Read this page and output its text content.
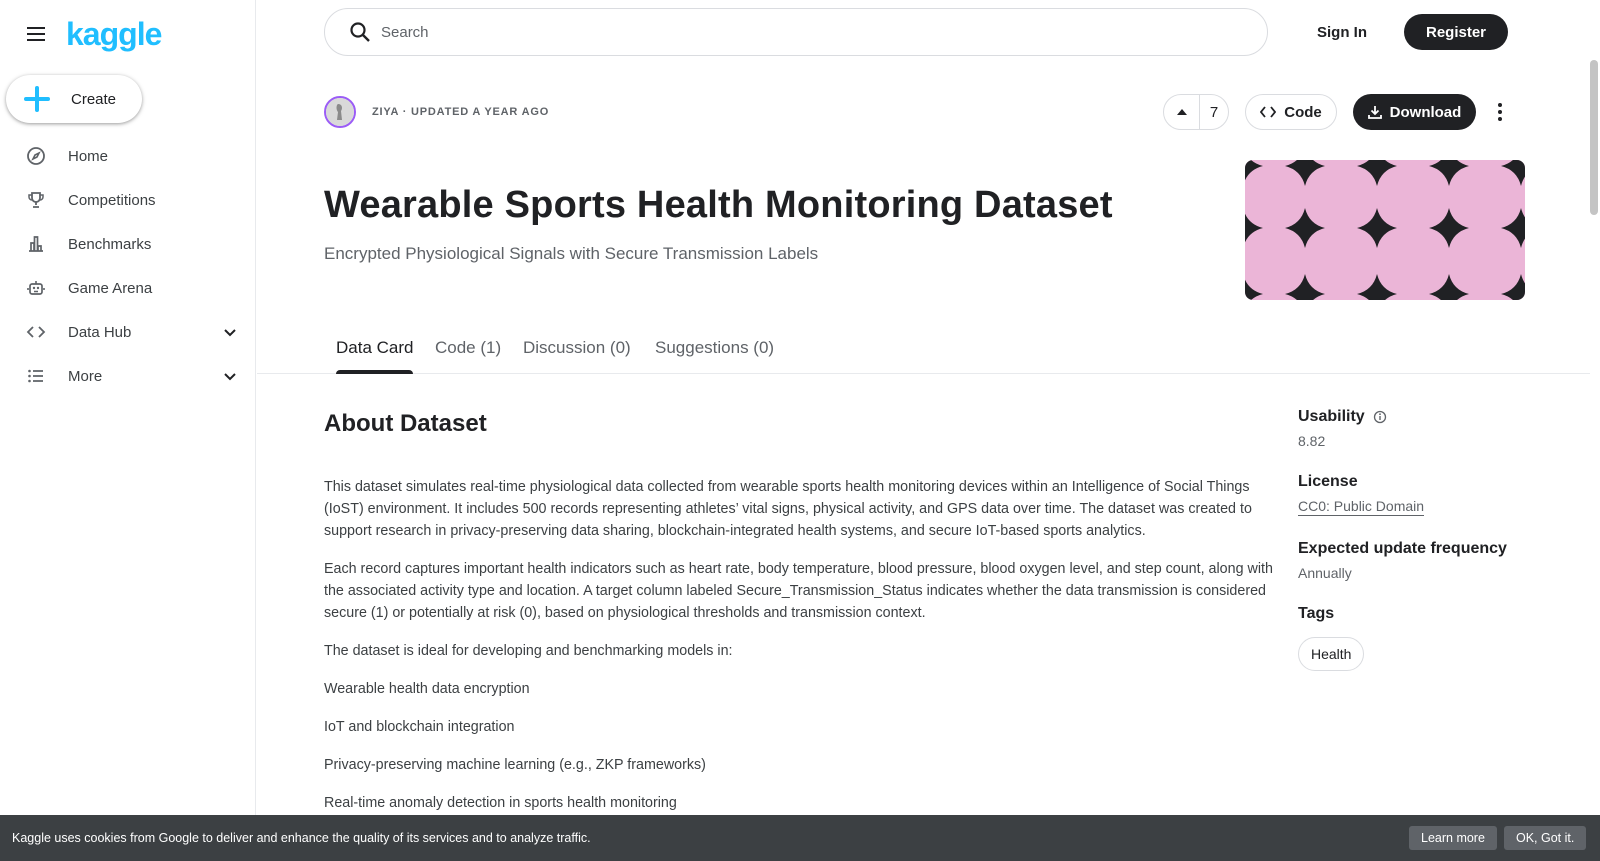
kaggle
Create
Home
Competitions
Benchmarks
Game Arena
Data Hub
More
Search
Sign In	Register
ZIYA · UPDATED A YEAR AGO	7	Code	Download
Wearable Sports Health Monitoring Dataset
Encrypted Physiological Signals with Secure Transmission Labels
Data Card Code (1) Discussion (0) Suggestions (0)
About Dataset

This dataset simulates real-time physiological data collected from wearable sports health monitoring devices within an Intelligence of Social Things (IoST) environment. It includes 500 records representing athletes’ vital signs, physical activity, and GPS data over time. The dataset was created to support research in privacy-preserving data sharing, blockchain-integrated health systems, and secure IoT-based sports analytics.

Each record captures important health indicators such as heart rate, body temperature, blood pressure, blood oxygen level, and step count, along with the associated activity type and location. A target column labeled Secure_Transmission_Status indicates whether the data transmission is considered secure (1) or potentially at risk (0), based on physiological thresholds and transmission context.

The dataset is ideal for developing and benchmarking models in:

Wearable health data encryption

IoT and blockchain integration

Privacy-preserving machine learning (e.g., ZKP frameworks)

Real-time anomaly detection in sports health monitoring

Usability
8.82
License
CC0: Public Domain
Expected update frequency
Annually
Tags
Health
Kaggle uses cookies from Google to deliver and enhance the quality of its services and to analyze traffic.	Learn more	OK, Got it.
